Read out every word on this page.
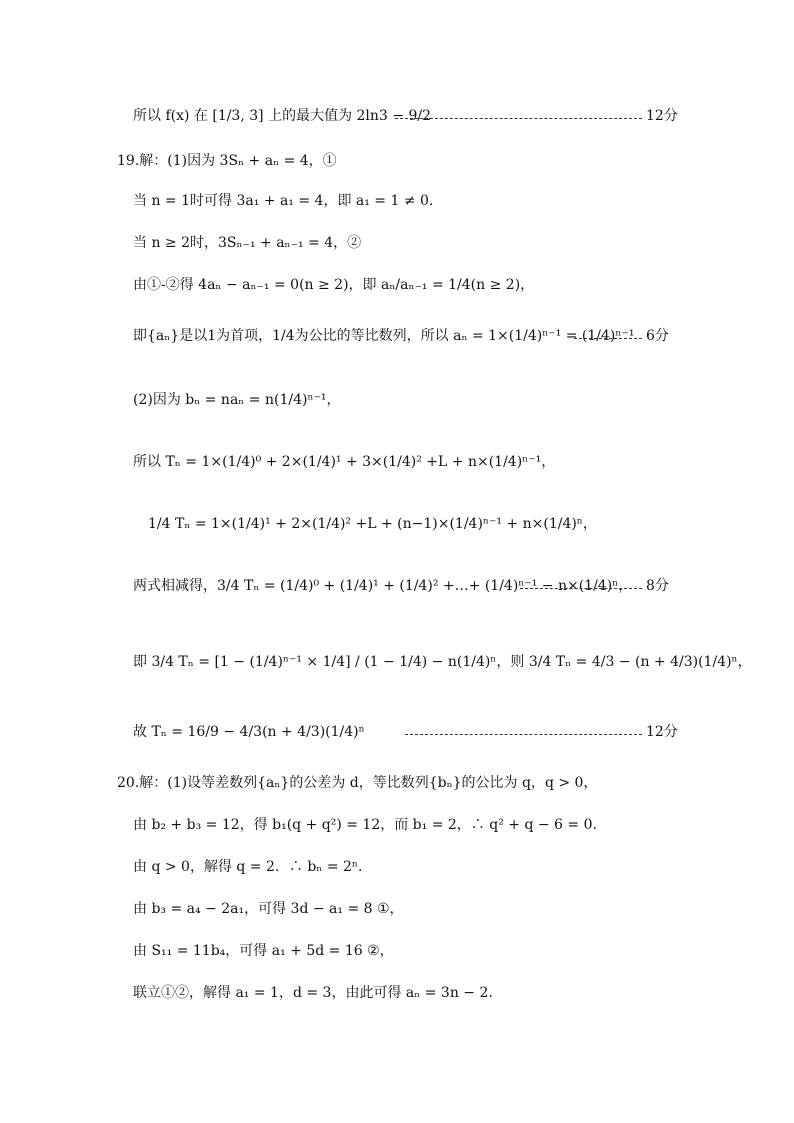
所以 f(x) 在 [1/3, 3] 上的最大值为 2ln3 − 9/2	12分
19.解：(1)因为 3Sₙ + aₙ = 4，①
当 n = 1时可得 3a₁ + a₁ = 4，即 a₁ = 1 ≠ 0.
当 n ≥ 2时，3Sₙ₋₁ + aₙ₋₁ = 4，②
由①-②得 4aₙ − aₙ₋₁ = 0(n ≥ 2)，即 aₙ/aₙ₋₁ = 1/4(n ≥ 2)，
即{aₙ}是以1为首项，1/4为公比的等比数列，所以 aₙ = 1×(1/4)ⁿ⁻¹ = (1/4)ⁿ⁻¹ 6分
(2)因为 bₙ = naₙ = n(1/4)ⁿ⁻¹，
所以 Tₙ = 1×(1/4)⁰ + 2×(1/4)¹ + 3×(1/4)² +L + n×(1/4)ⁿ⁻¹，
1/4 Tₙ = 1×(1/4)¹ + 2×(1/4)² +L + (n−1)×(1/4)ⁿ⁻¹ + n×(1/4)ⁿ，
两式相减得，3/4 Tₙ = (1/4)⁰ + (1/4)¹ + (1/4)² +…+ (1/4)ⁿ⁻¹ − n×(1/4)ⁿ， 8分
即 3/4 Tₙ = [1 − (1/4)ⁿ⁻¹ × 1/4] / (1 − 1/4) − n(1/4)ⁿ，则 3/4 Tₙ = 4/3 − (n + 4/3)(1/4)ⁿ，
故 Tₙ = 16/9 − 4/3(n + 4/3)(1/4)ⁿ	12分
20.解：(1)设等差数列{aₙ}的公差为 d，等比数列{bₙ}的公比为 q，q > 0，
由 b₂ + b₃ = 12，得 b₁(q + q²) = 12，而 b₁ = 2，∴ q² + q − 6 = 0.
由 q > 0，解得 q = 2．∴ bₙ = 2ⁿ.
由 b₃ = a₄ − 2a₁，可得 3d − a₁ = 8 ①，
由 S₁₁ = 11b₄，可得 a₁ + 5d = 16 ②，
联立①②，解得 a₁ = 1，d = 3，由此可得 aₙ = 3n − 2.
